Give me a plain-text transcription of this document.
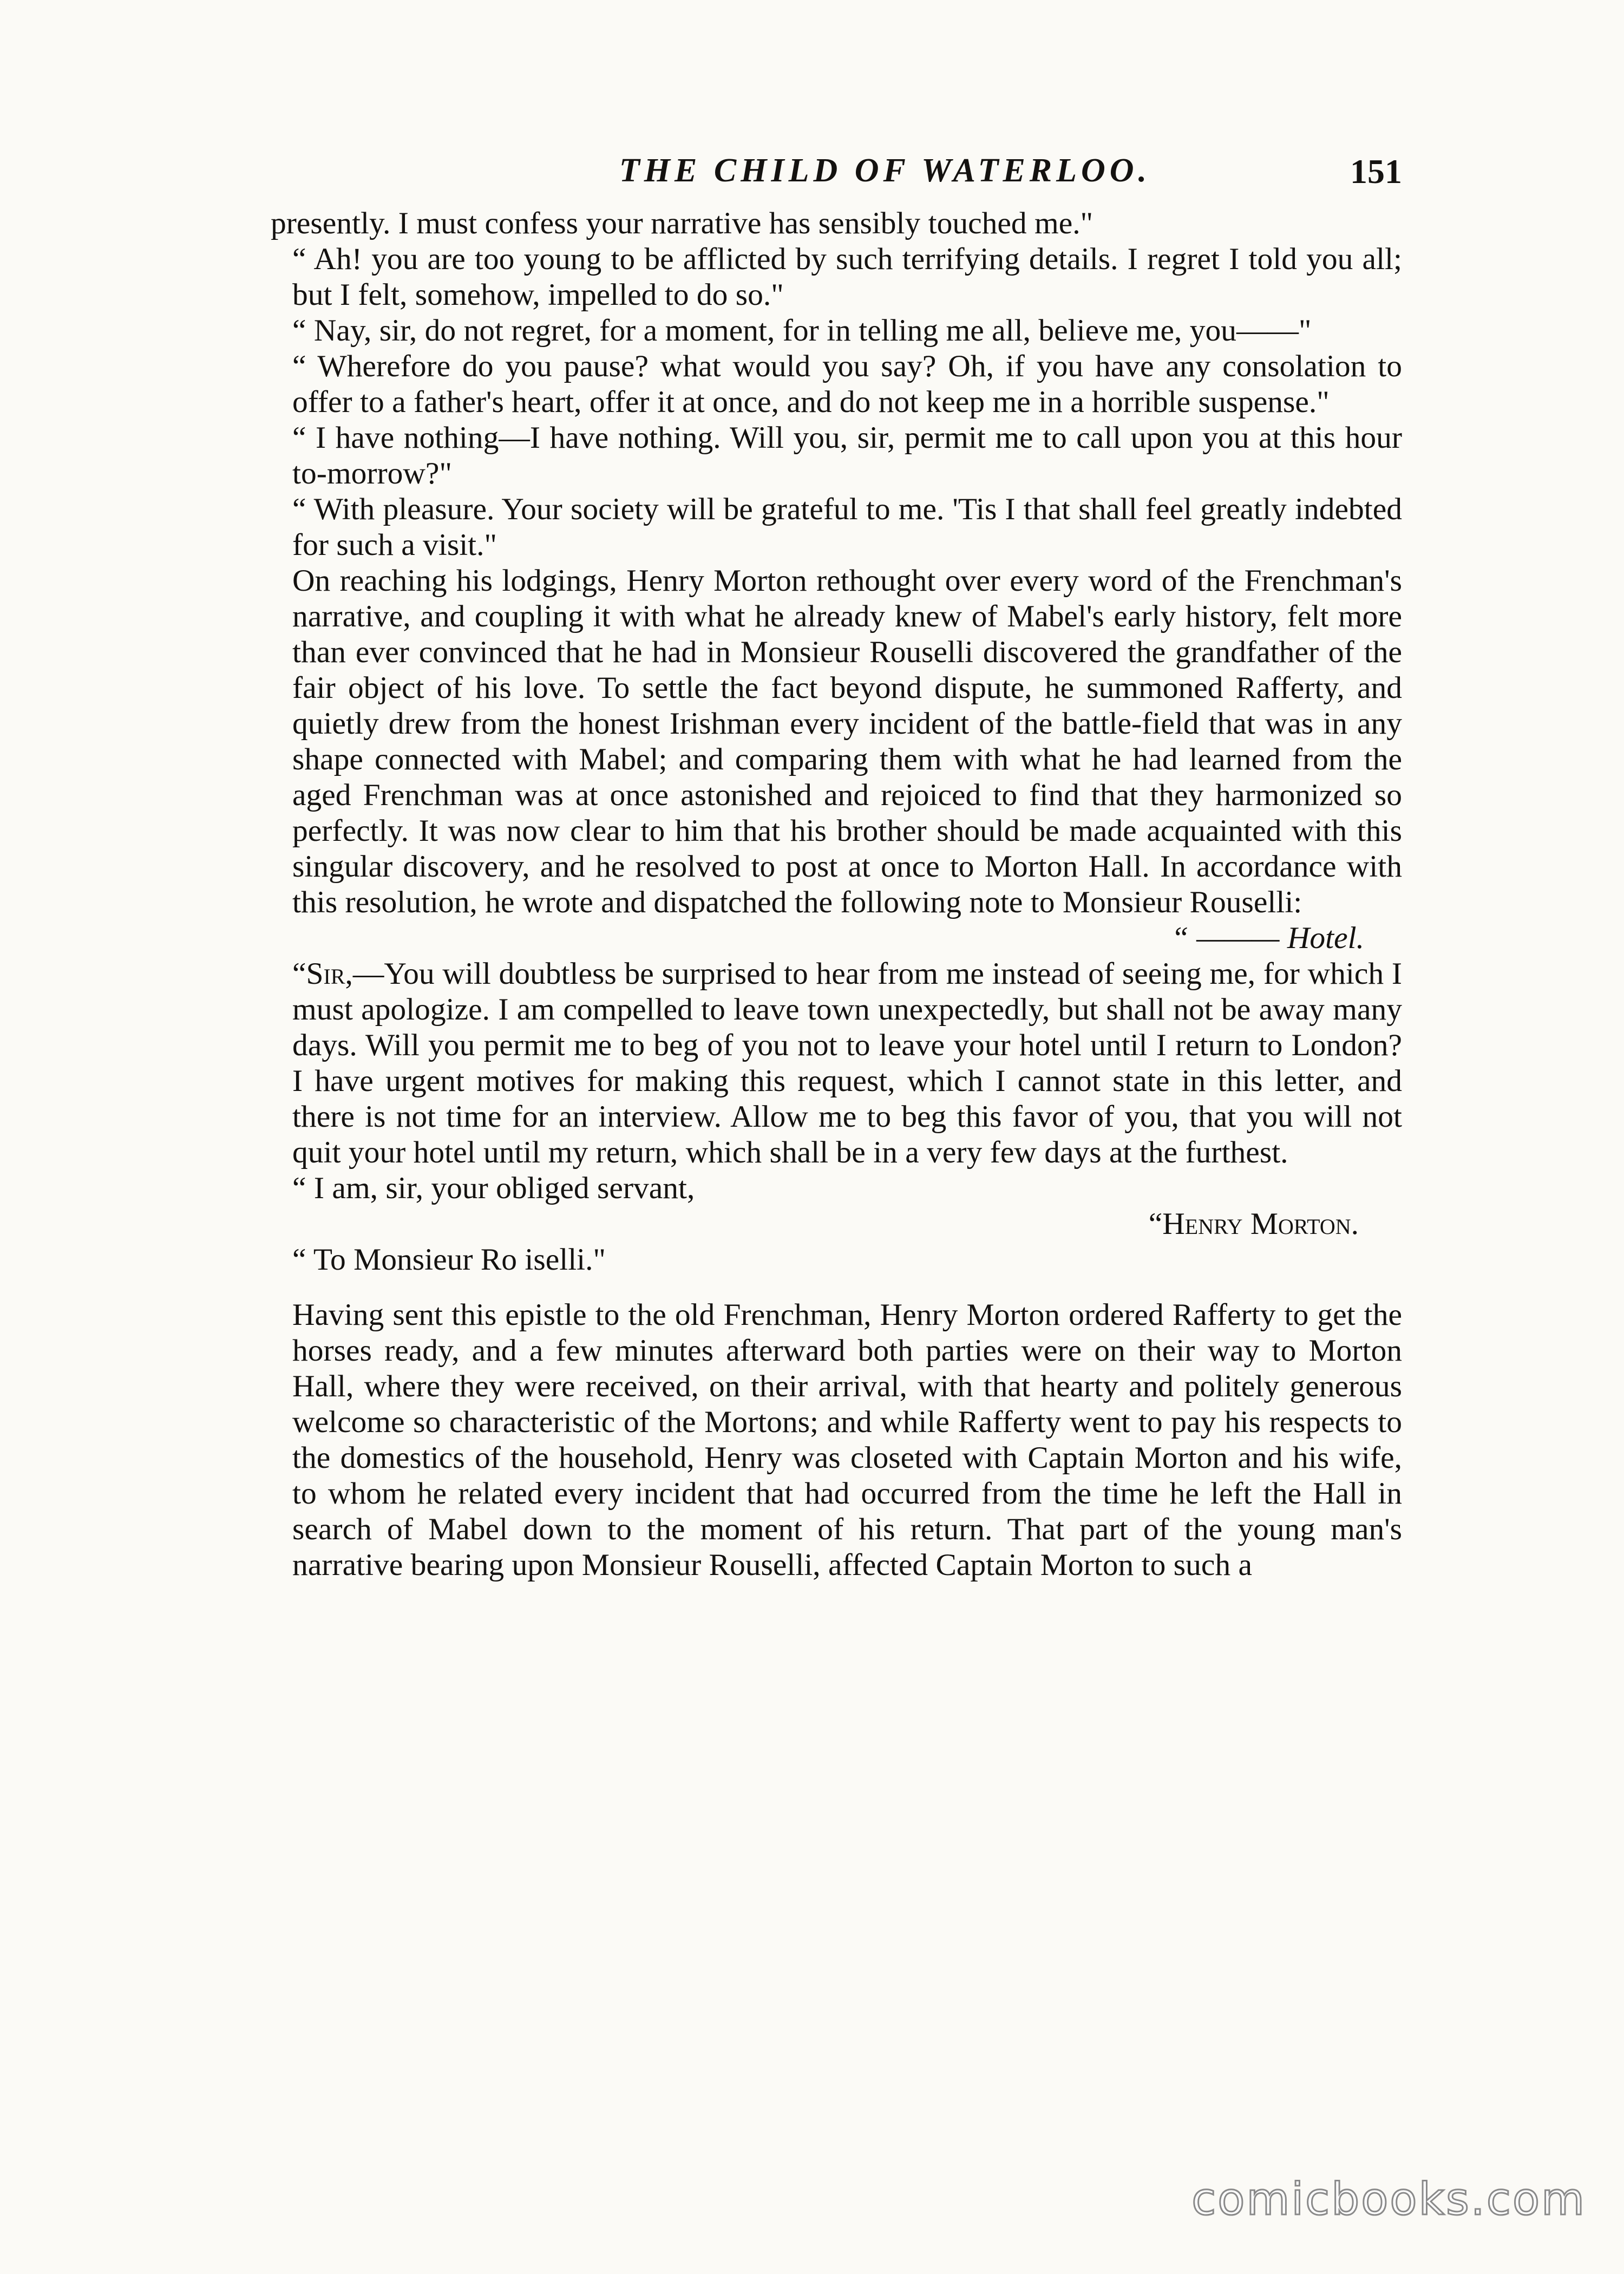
THE CHILD OF WATERLOO.	151

presently. I must confess your narrative has sensibly touched me."

“ Ah! you are too young to be afflicted by such terrifying details. I regret I told you all; but I felt, somehow, impelled to do so."

“ Nay, sir, do not regret, for a moment, for in telling me all, believe me, you——"

“ Wherefore do you pause? what would you say? Oh, if you have any consolation to offer to a father's heart, offer it at once, and do not keep me in a horrible suspense."

“ I have nothing—I have nothing. Will you, sir, permit me to call upon you at this hour to-morrow?"

“ With pleasure. Your society will be grateful to me. 'Tis I that shall feel greatly indebted for such a visit."

On reaching his lodgings, Henry Morton rethought over every word of the Frenchman's narrative, and coupling it with what he already knew of Mabel's early history, felt more than ever convinced that he had in Monsieur Rouselli discovered the grandfather of the fair object of his love. To settle the fact beyond dispute, he summoned Rafferty, and quietly drew from the honest Irishman every incident of the battle-field that was in any shape connected with Mabel; and comparing them with what he had learned from the aged Frenchman was at once astonished and rejoiced to find that they harmonized so perfectly. It was now clear to him that his brother should be made acquainted with this singular discovery, and he resolved to post at once to Morton Hall. In accordance with this resolution, he wrote and dispatched the following note to Monsieur Rouselli:

“ ——— Hotel.

“Sir,—You will doubtless be surprised to hear from me instead of seeing me, for which I must apologize. I am compelled to leave town unexpectedly, but shall not be away many days. Will you permit me to beg of you not to leave your hotel until I return to London? I have urgent motives for making this request, which I cannot state in this letter, and there is not time for an interview. Allow me to beg this favor of you, that you will not quit your hotel until my return, which shall be in a very few days at the furthest.

“ I am, sir, your obliged servant,

“Henry Morton.

“ To Monsieur Ro iselli."

Having sent this epistle to the old Frenchman, Henry Morton ordered Rafferty to get the horses ready, and a few minutes afterward both parties were on their way to Morton Hall, where they were received, on their arrival, with that hearty and politely generous welcome so characteristic of the Mortons; and while Rafferty went to pay his respects to the domestics of the household, Henry was closeted with Captain Morton and his wife, to whom he related every incident that had occurred from the time he left the Hall in search of Mabel down to the moment of his return. That part of the young man's narrative bearing upon Monsieur Rouselli, affected Captain Morton to such a

comicbooks.com
